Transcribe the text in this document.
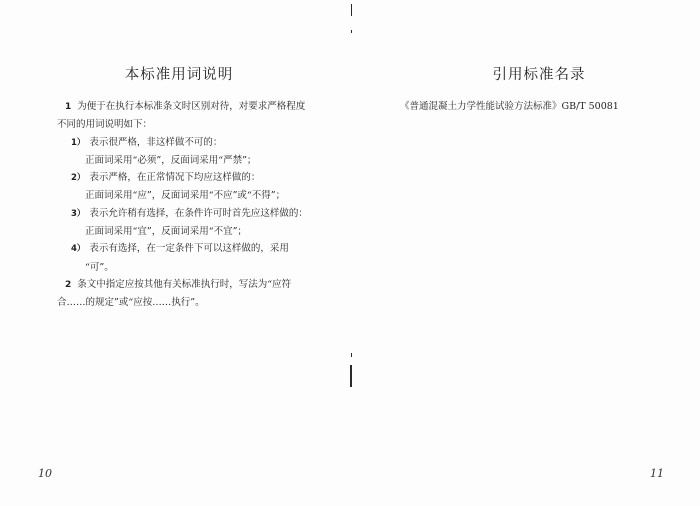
本标准用词说明

1 为便于在执行本标准条文时区别对待，对要求严格程度

不同的用词说明如下：

1） 表示很严格，非这样做不可的：

正面词采用“必须”，反面词采用“严禁”；

2） 表示严格，在正常情况下均应这样做的：

正面词采用“应”，反面词采用“不应”或“不得”；

3） 表示允许稍有选择，在条件许可时首先应这样做的：

正面词采用“宜”，反面词采用“不宜”；

4） 表示有选择，在一定条件下可以这样做的，采用

“可”。

2 条文中指定应按其他有关标准执行时，写法为“应符

合……的规定”或“应按……执行”。

10
引用标准名录
《普通混凝土力学性能试验方法标准》GB/T 50081
11
